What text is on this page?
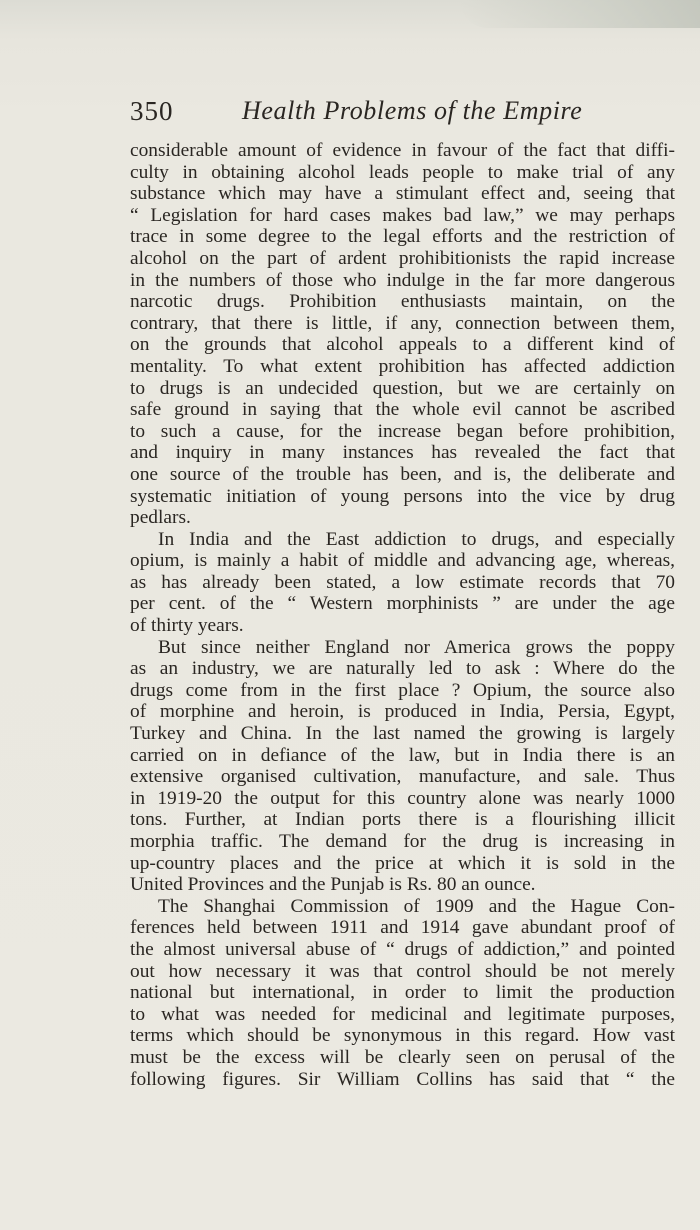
350	Health Problems of the Empire
considerable amount of evidence in favour of the fact that diffi-
culty in obtaining alcohol leads people to make trial of any
substance which may have a stimulant effect and, seeing that
“ Legislation for hard cases makes bad law,” we may perhaps
trace in some degree to the legal efforts and the restriction of
alcohol on the part of ardent prohibitionists the rapid increase
in the numbers of those who indulge in the far more dangerous
narcotic drugs. Prohibition enthusiasts maintain, on the
contrary, that there is little, if any, connection between them,
on the grounds that alcohol appeals to a different kind of
mentality. To what extent prohibition has affected addiction
to drugs is an undecided question, but we are certainly on
safe ground in saying that the whole evil cannot be ascribed
to such a cause, for the increase began before prohibition,
and inquiry in many instances has revealed the fact that
one source of the trouble has been, and is, the deliberate and
systematic initiation of young persons into the vice by drug
pedlars.
In India and the East addiction to drugs, and especially
opium, is mainly a habit of middle and advancing age, whereas,
as has already been stated, a low estimate records that 70
per cent. of the “ Western morphinists ” are under the age
of thirty years.
But since neither England nor America grows the poppy
as an industry, we are naturally led to ask : Where do the
drugs come from in the first place ? Opium, the source also
of morphine and heroin, is produced in India, Persia, Egypt,
Turkey and China. In the last named the growing is largely
carried on in defiance of the law, but in India there is an
extensive organised cultivation, manufacture, and sale. Thus
in 1919-20 the output for this country alone was nearly 1000
tons. Further, at Indian ports there is a flourishing illicit
morphia traffic. The demand for the drug is increasing in
up-country places and the price at which it is sold in the
United Provinces and the Punjab is Rs. 80 an ounce.
The Shanghai Commission of 1909 and the Hague Con-
ferences held between 1911 and 1914 gave abundant proof of
the almost universal abuse of “ drugs of addiction,” and pointed
out how necessary it was that control should be not merely
national but international, in order to limit the production
to what was needed for medicinal and legitimate purposes,
terms which should be synonymous in this regard. How vast
must be the excess will be clearly seen on perusal of the
following figures. Sir William Collins has said that “ the
